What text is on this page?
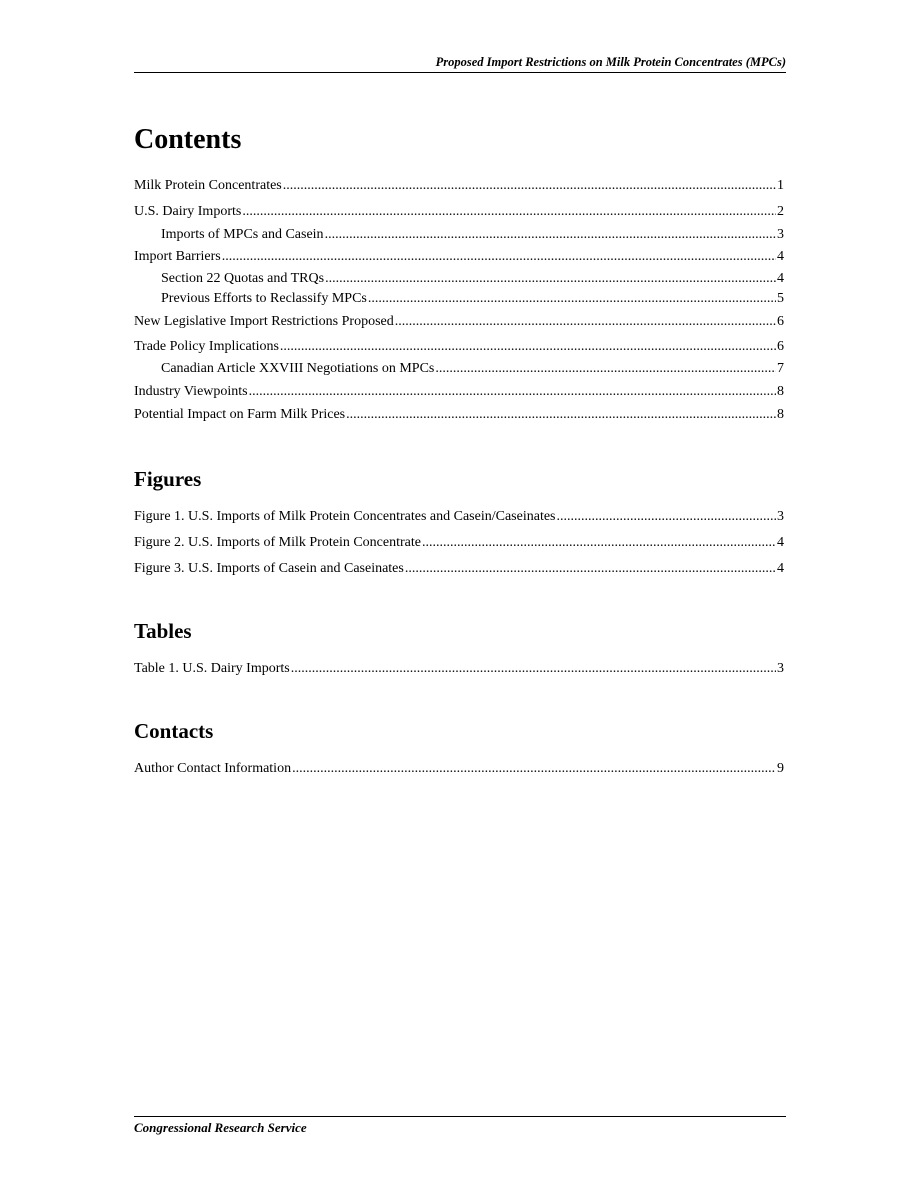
Proposed Import Restrictions on Milk Protein Concentrates (MPCs)
Contents
Milk Protein Concentrates .....	1
U.S. Dairy Imports .....	2
Imports of MPCs and Casein .....	3
Import Barriers .....	4
Section 22 Quotas and TRQs .....	4
Previous Efforts to Reclassify MPCs .....	5
New Legislative Import Restrictions Proposed .....	6
Trade Policy Implications .....	6
Canadian Article XXVIII Negotiations on MPCs .....	7
Industry Viewpoints .....	8
Potential Impact on Farm Milk Prices .....	8
Figures
Figure 1. U.S. Imports of Milk Protein Concentrates and Casein/Caseinates .....	3
Figure 2. U.S. Imports of Milk Protein Concentrate .....	4
Figure 3. U.S. Imports of Casein and Caseinates .....	4
Tables
Table 1. U.S. Dairy Imports .....	3
Contacts
Author Contact Information .....	9
Congressional Research Service
